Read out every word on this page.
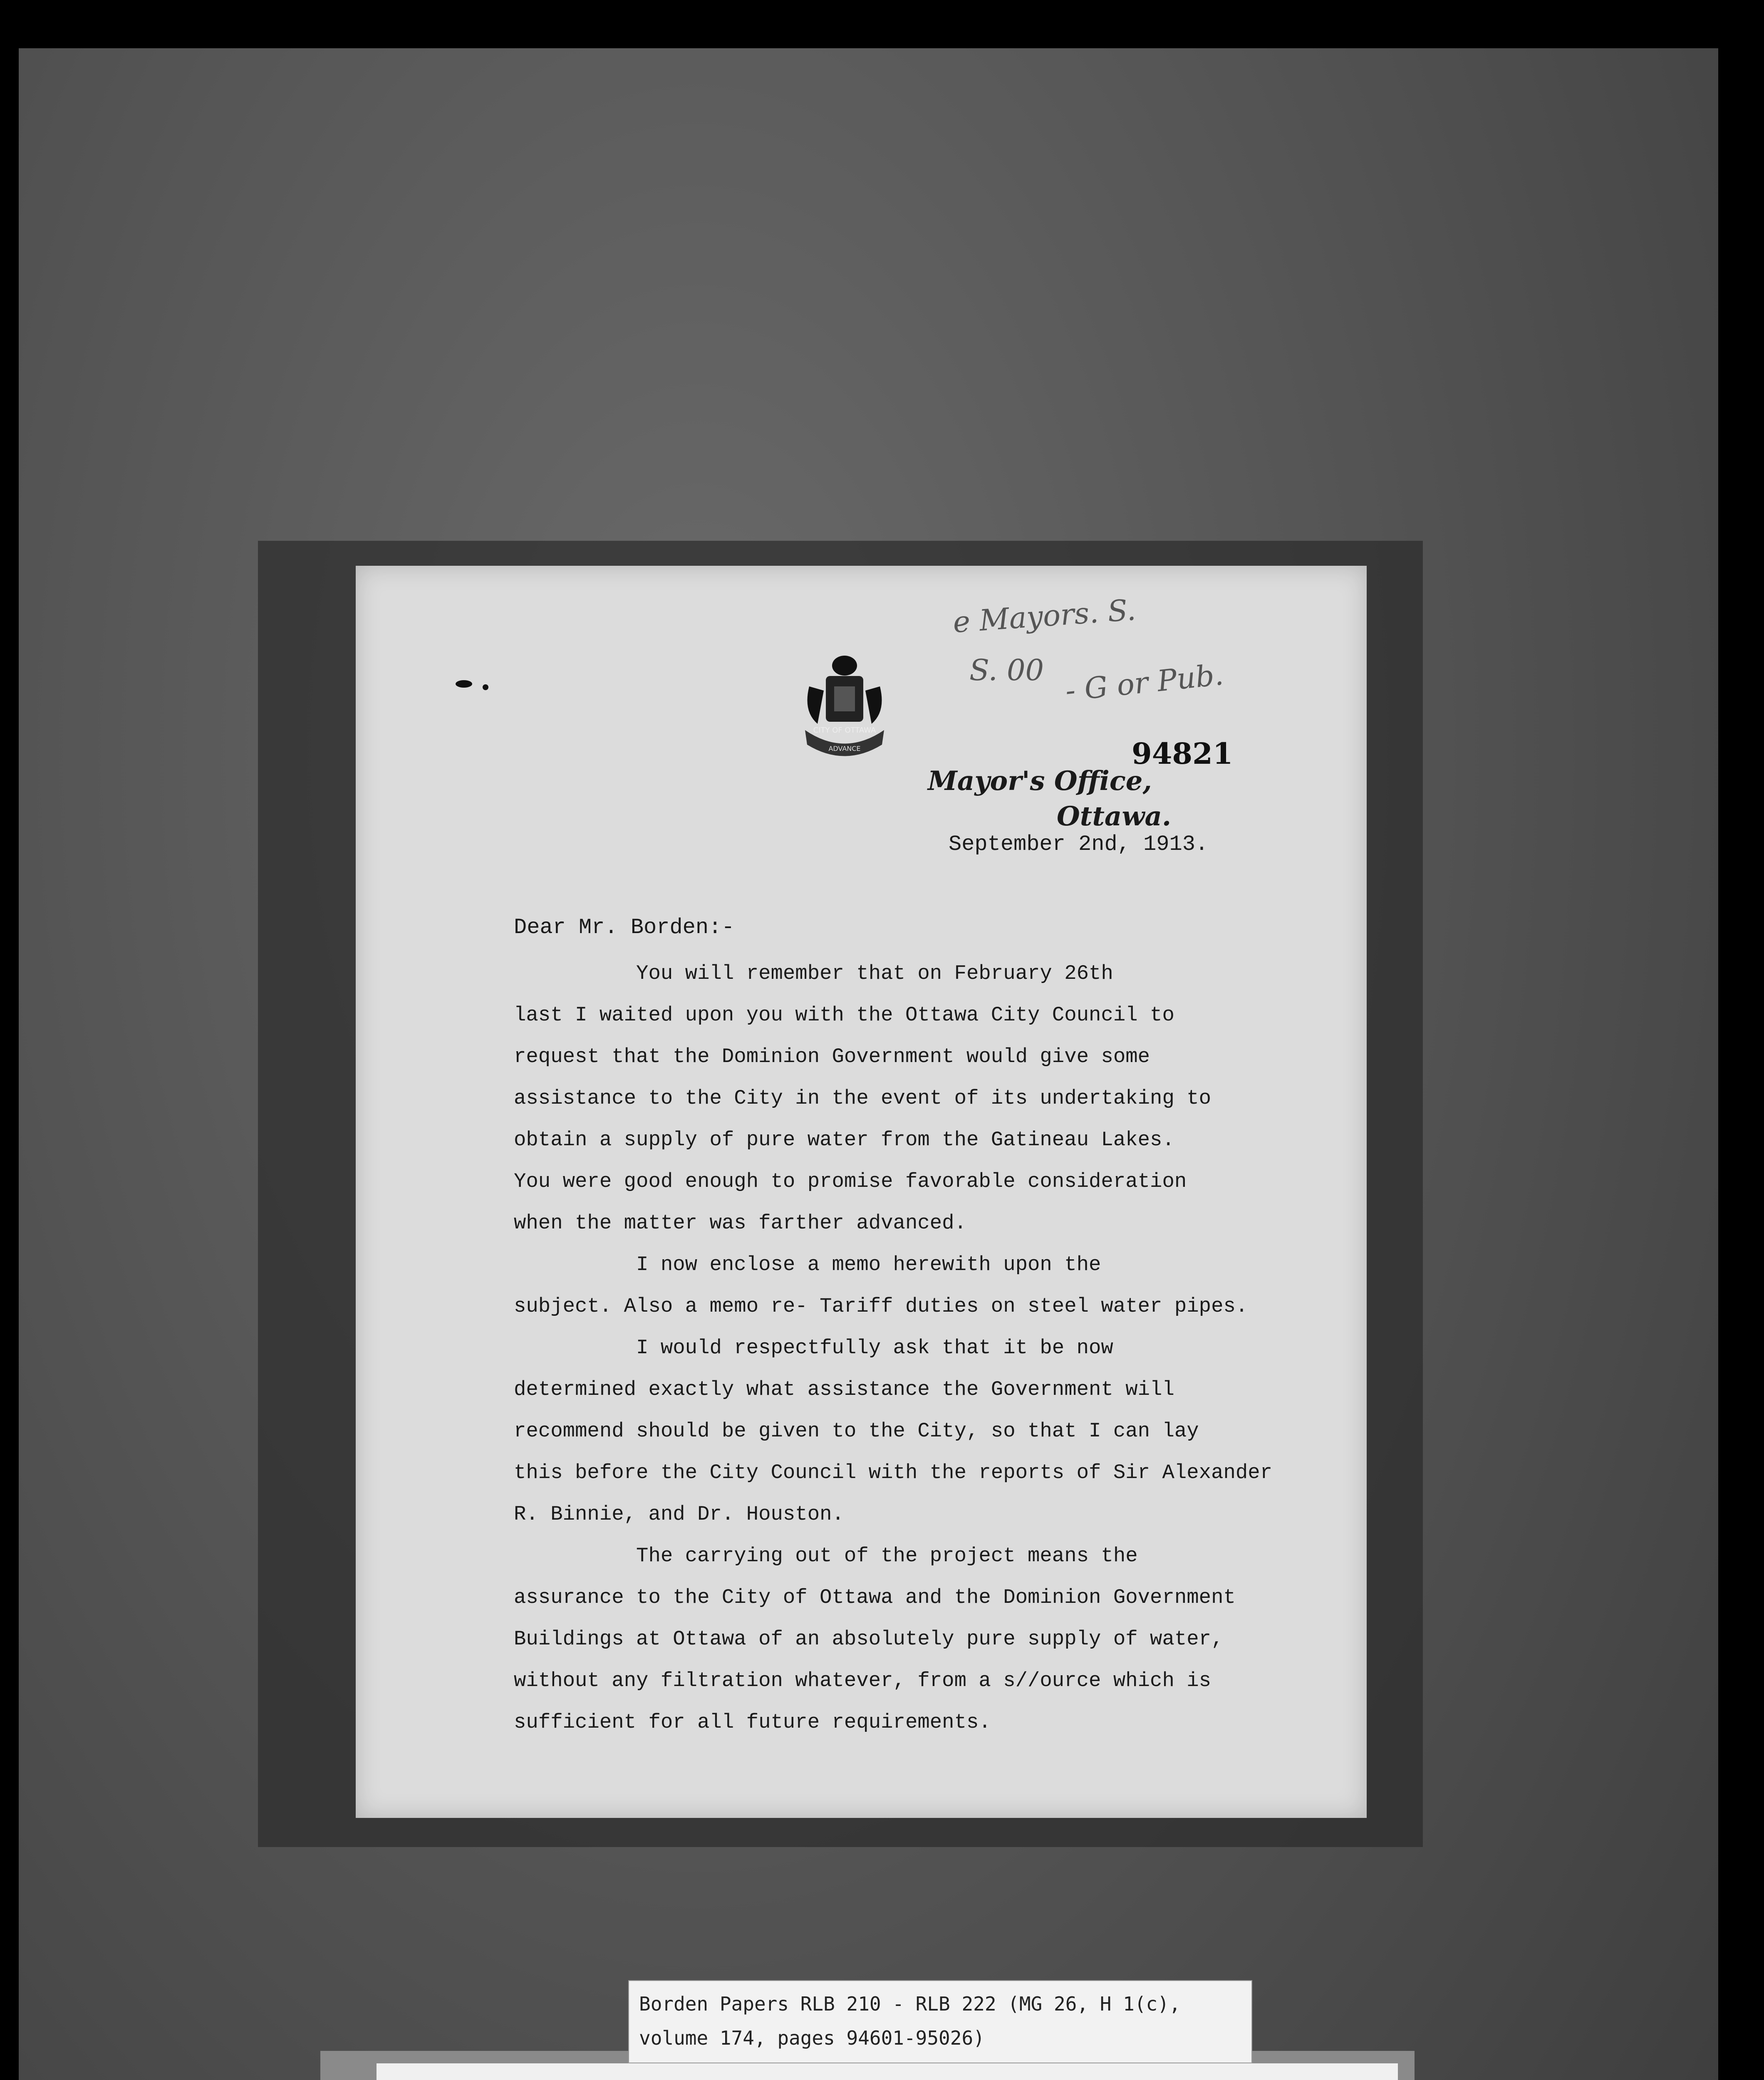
CITY OF OTTAWA
ADVANCE
e Mayors. S.
S. 00 - G or Pub.
94821
Mayor's Office,
Ottawa.
September 2nd, 1913.
Dear Mr. Borden:-
You will remember that on February 26th
last I waited upon you with the Ottawa City Council to
request that the Dominion Government would give some
assistance to the City in the event of its undertaking to
obtain a supply of pure water from the Gatineau Lakes.
You were good enough to promise favorable consideration
when the matter was farther advanced.
I now enclose a memo herewith upon the
subject. Also a memo re- Tariff duties on steel water pipes.
I would respectfully ask that it be now
determined exactly what assistance the Government will
recommend should be given to the City, so that I can lay
this before the City Council with the reports of Sir Alexander
R. Binnie, and Dr. Houston.
The carrying out of the project means the
assurance to the City of Ottawa and the Dominion Government
Buildings at Ottawa of an absolutely pure supply of water,
without any filtration whatever, from a s//ource which is
sufficient for all future requirements.
Borden Papers RLB 210 - RLB 222 (MG 26, H 1(c),
volume 174, pages 94601-95026)
